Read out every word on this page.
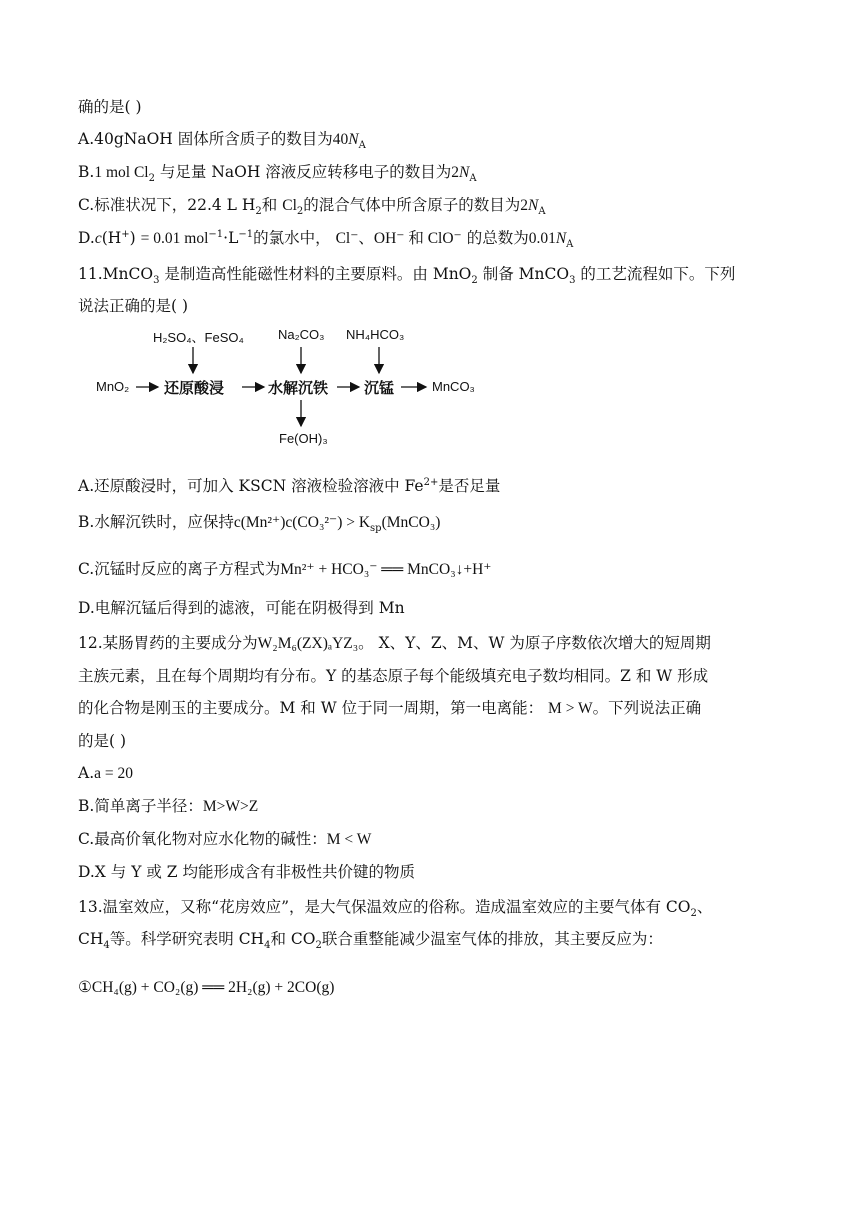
确的是( )
A.40gNaOH 固体所含质子的数目为$40N_A$
B.1 mol $Cl_2$ 与足量 NaOH 溶液反应转移电子的数目为$2N_A$
C.标准状况下，22.4 L $H_2$和 $Cl_2$的混合气体中所含原子的数目为$2N_A$
D.c(H+) = 0.01 $mol^{-1}\cdot L^{-1}$的氯水中， Cl⁻、OH⁻ 和 ClO⁻ 的总数为$0.01N_A$
11.MnCO$_3$ 是制造高性能磁性材料的主要原料。由 MnO$_2$ 制备 MnCO$_3$ 的工艺流程如下。下列
说法正确的是( )
H₂SO₄、FeSO₄	Na₂CO₃ NH₄HCO₃
MnO₂ 还原酸浸	水解沉铁 沉锰	MnCO₃
Fe(OH)₃
A.还原酸浸时，可加入 KSCN 溶液检验溶液中 $Fe^{2+}$是否足量
B.水解沉铁时，应保持$c(Mn^{2+})c(CO_3^{2-}) > K_{sp}(MnCO_3)$
C.沉锰时反应的离子方程式为Mn²⁺ + HCO₃⁻ ══ MnCO₃↓+H⁺
D.电解沉锰后得到的滤液，可能在阴极得到 Mn
12.某肠胃药的主要成分为W₂M₆(ZX)ₐYZ₃。 X、Y、Z、M、W 为原子序数依次增大的短周期
主族元素，且在每个周期均有分布。Y 的基态原子每个能级填充电子数均相同。Z 和 W 形成
的化合物是刚玉的主要成分。M 和 W 位于同一周期，第一电离能： M > W。下列说法正确
的是( )
A.a = 20
B.简单离子半径：M>W>Z
C.最高价氧化物对应水化物的碱性：M < W
D.X 与 Y 或 Z 均能形成含有非极性共价键的物质
13.温室效应，又称“花房效应”，是大气保温效应的俗称。造成温室效应的主要气体有 $CO_2$、
$CH_4$等。科学研究表明 $CH_4$和 $CO_2$联合重整能减少温室气体的排放，其主要反应为：
①CH₄(g) + CO₂(g) ══ 2H₂(g) + 2CO(g)
